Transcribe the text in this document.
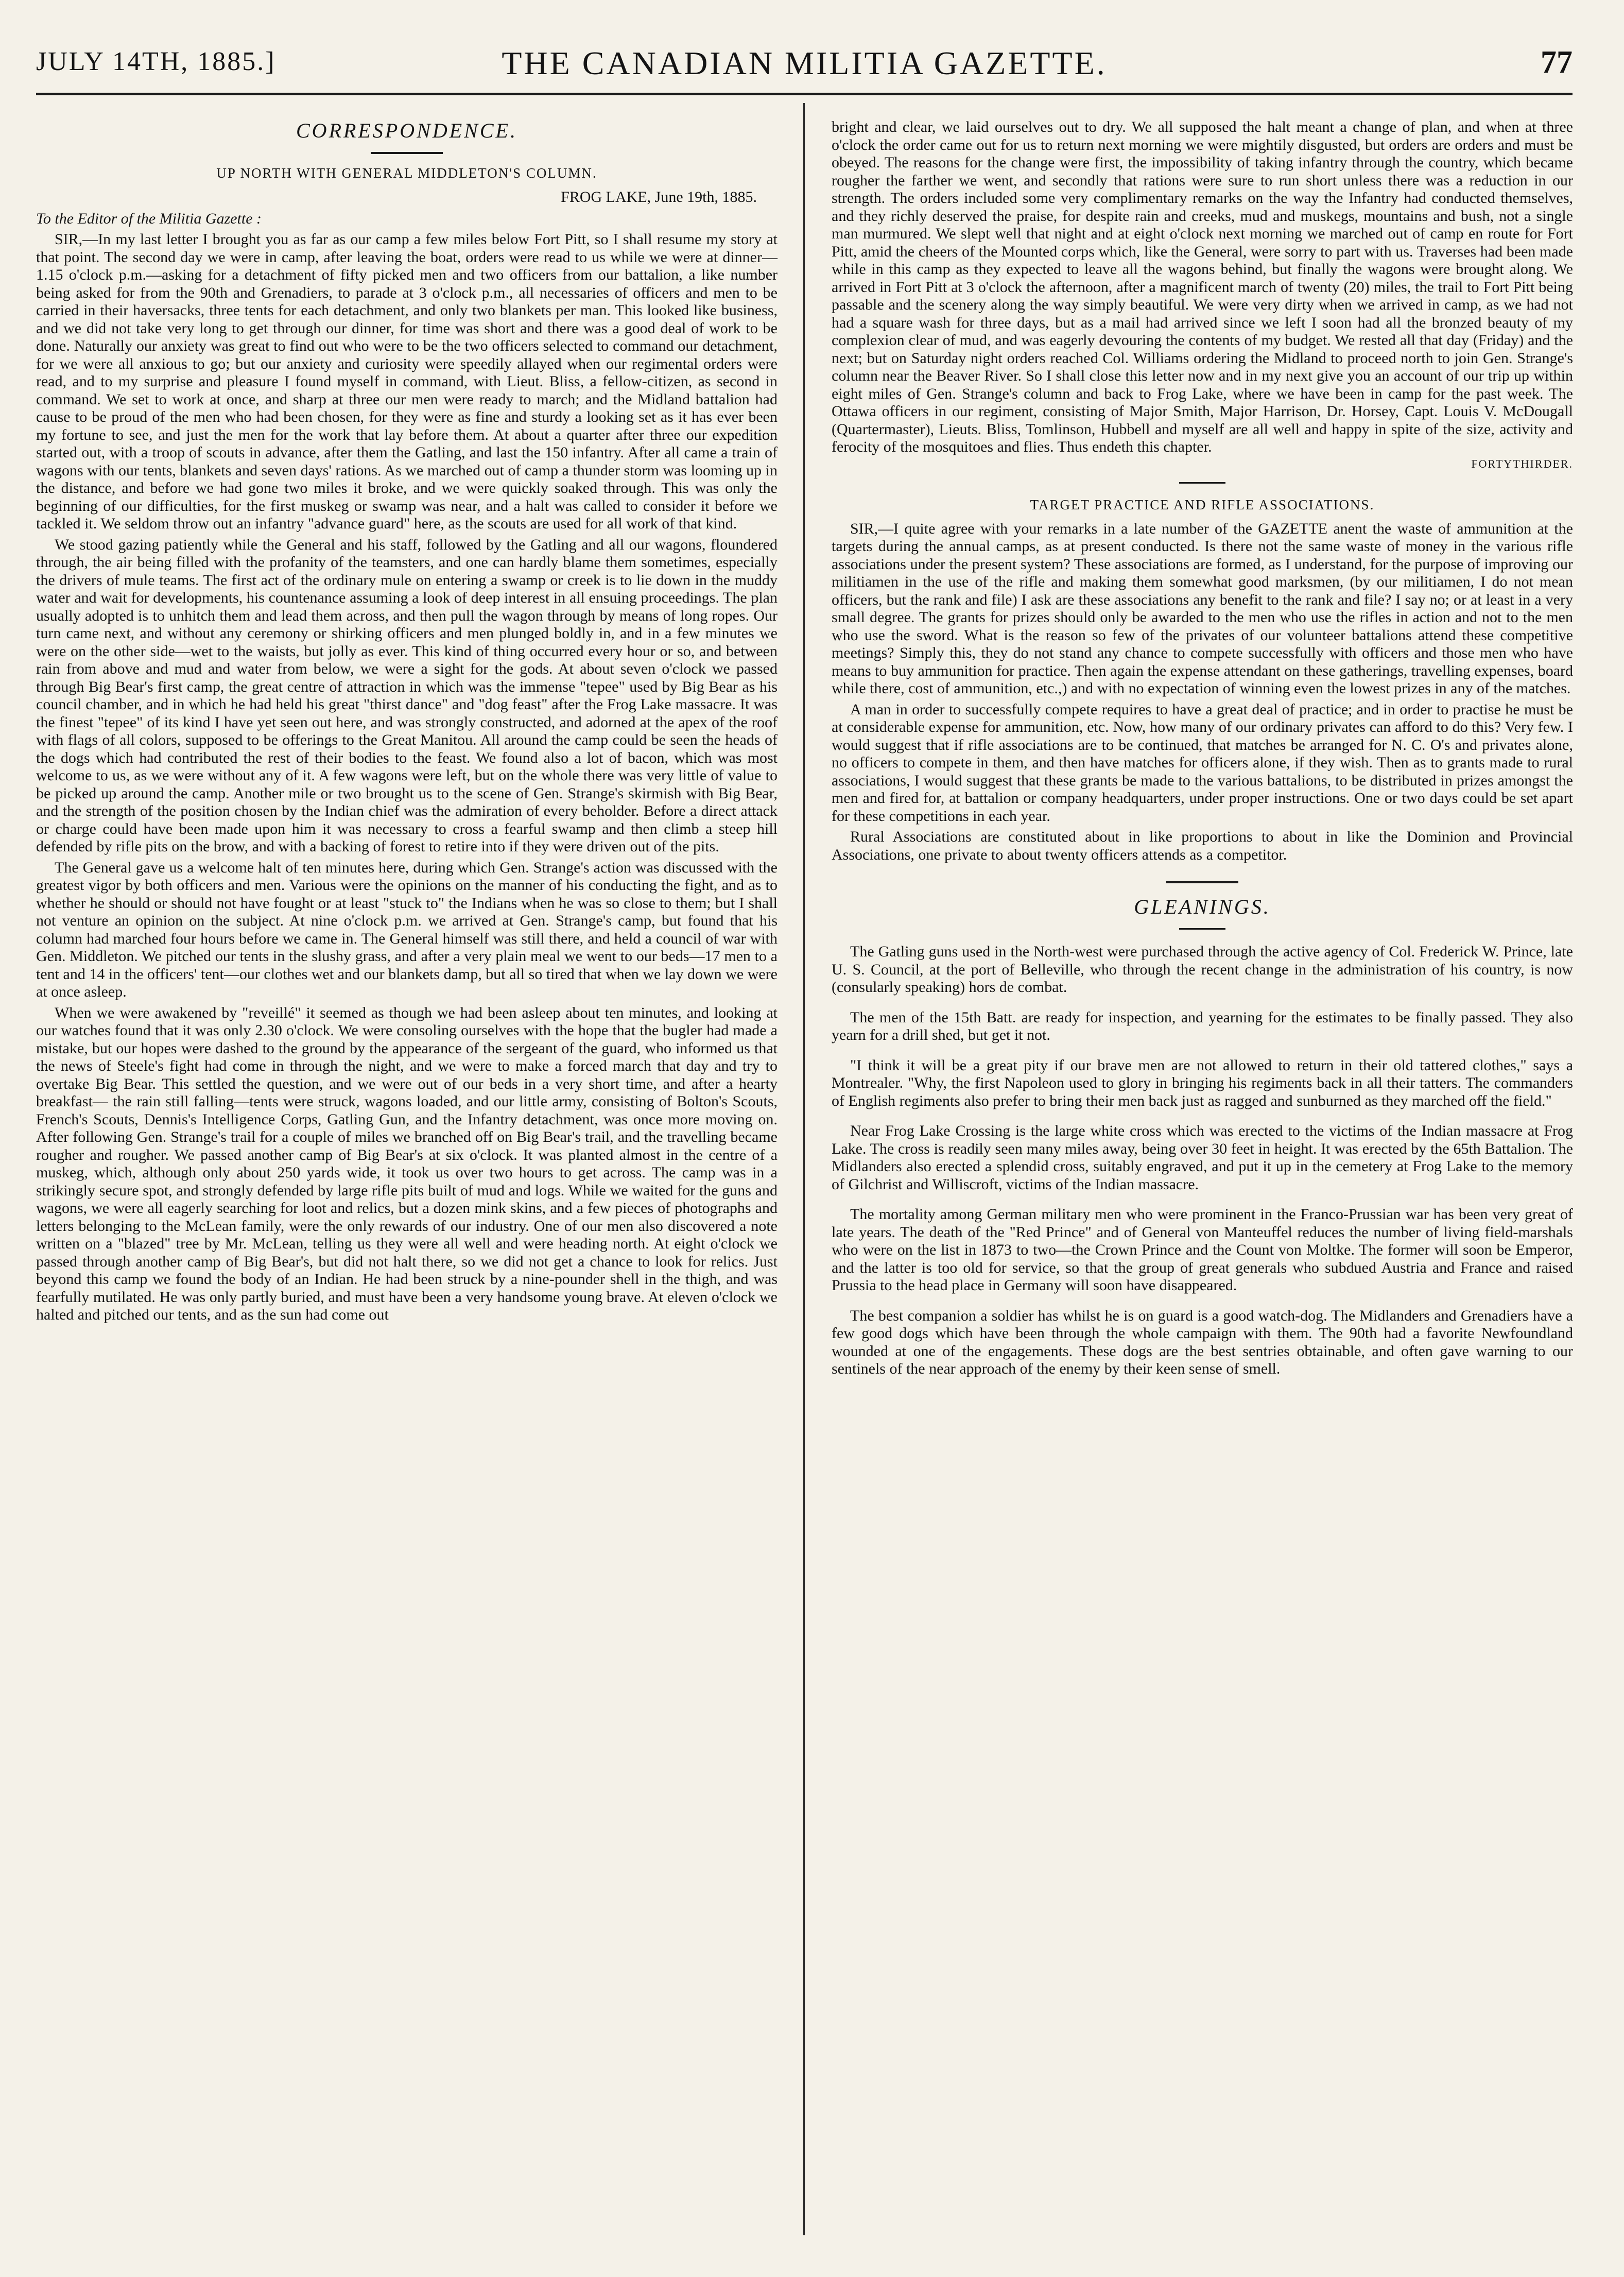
JULY 14TH, 1885.]	THE CANADIAN MILITIA GAZETTE.	77
CORRESPONDENCE.
UP NORTH WITH GENERAL MIDDLETON'S COLUMN.
FROG LAKE, June 19th, 1885.
To the Editor of the Militia Gazette :

SIR,—In my last letter I brought you as far as our camp a few miles below Fort Pitt, so I shall resume my story at that point. The second day we were in camp, after leaving the boat, orders were read to us while we were at dinner—1.15 o'clock p.m.—asking for a detachment of fifty picked men and two officers from our battalion, a like number being asked for from the 90th and Grenadiers, to parade at 3 o'clock p.m., all necessaries of officers and men to be carried in their haversacks, three tents for each detachment, and only two blankets per man. This looked like business, and we did not take very long to get through our dinner, for time was short and there was a good deal of work to be done. Naturally our anxiety was great to find out who were to be the two officers selected to command our detachment, for we were all anxious to go; but our anxiety and curiosity were speedily allayed when our regimental orders were read, and to my surprise and pleasure I found myself in command, with Lieut. Bliss, a fellow-citizen, as second in command. We set to work at once, and sharp at three our men were ready to march; and the Midland battalion had cause to be proud of the men who had been chosen, for they were as fine and sturdy a looking set as it has ever been my fortune to see, and just the men for the work that lay before them. At about a quarter after three our expedition started out, with a troop of scouts in advance, after them the Gatling, and last the 150 infantry. After all came a train of wagons with our tents, blankets and seven days' rations. As we marched out of camp a thunder storm was looming up in the distance, and before we had gone two miles it broke, and we were quickly soaked through. This was only the beginning of our difficulties, for the first muskeg or swamp was near, and a halt was called to consider it before we tackled it. We seldom throw out an infantry "advance guard" here, as the scouts are used for all work of that kind.

We stood gazing patiently while the General and his staff, followed by the Gatling and all our wagons, floundered through, the air being filled with the profanity of the teamsters, and one can hardly blame them sometimes, especially the drivers of mule teams. The first act of the ordinary mule on entering a swamp or creek is to lie down in the muddy water and wait for developments, his countenance assuming a look of deep interest in all ensuing proceedings. The plan usually adopted is to unhitch them and lead them across, and then pull the wagon through by means of long ropes. Our turn came next, and without any ceremony or shirking officers and men plunged boldly in, and in a few minutes we were on the other side—wet to the waists, but jolly as ever. This kind of thing occurred every hour or so, and between rain from above and mud and water from below, we were a sight for the gods. At about seven o'clock we passed through Big Bear's first camp, the great centre of attraction in which was the immense "tepee" used by Big Bear as his council chamber, and in which he had held his great "thirst dance" and "dog feast" after the Frog Lake massacre. It was the finest "tepee" of its kind I have yet seen out here, and was strongly constructed, and adorned at the apex of the roof with flags of all colors, supposed to be offerings to the Great Manitou. All around the camp could be seen the heads of the dogs which had contributed the rest of their bodies to the feast. We found also a lot of bacon, which was most welcome to us, as we were without any of it. A few wagons were left, but on the whole there was very little of value to be picked up around the camp. Another mile or two brought us to the scene of Gen. Strange's skirmish with Big Bear, and the strength of the position chosen by the Indian chief was the admiration of every beholder. Before a direct attack or charge could have been made upon him it was necessary to cross a fearful swamp and then climb a steep hill defended by rifle pits on the brow, and with a backing of forest to retire into if they were driven out of the pits.

The General gave us a welcome halt of ten minutes here, during which Gen. Strange's action was discussed with the greatest vigor by both officers and men. Various were the opinions on the manner of his conducting the fight, and as to whether he should or should not have fought or at least "stuck to" the Indians when he was so close to them; but I shall not venture an opinion on the subject. At nine o'clock p.m. we arrived at Gen. Strange's camp, but found that his column had marched four hours before we came in. The General himself was still there, and held a council of war with Gen. Middleton. We pitched our tents in the slushy grass, and after a very plain meal we went to our beds—17 men to a tent and 14 in the officers' tent—our clothes wet and our blankets damp, but all so tired that when we lay down we were at once asleep.

When we were awakened by "reveillé" it seemed as though we had been asleep about ten minutes, and looking at our watches found that it was only 2.30 o'clock. We were consoling ourselves with the hope that the bugler had made a mistake, but our hopes were dashed to the ground by the appearance of the sergeant of the guard, who informed us that the news of Steele's fight had come in through the night, and we were to make a forced march that day and try to overtake Big Bear. This settled the question, and we were out of our beds in a very short time, and after a hearty breakfast— the rain still falling—tents were struck, wagons loaded, and our little army, consisting of Bolton's Scouts, French's Scouts, Dennis's Intelligence Corps, Gatling Gun, and the Infantry detachment, was once more moving on. After following Gen. Strange's trail for a couple of miles we branched off on Big Bear's trail, and the travelling became rougher and rougher. We passed another camp of Big Bear's at six o'clock. It was planted almost in the centre of a muskeg, which, although only about 250 yards wide, it took us over two hours to get across. The camp was in a strikingly secure spot, and strongly defended by large rifle pits built of mud and logs. While we waited for the guns and wagons, we were all eagerly searching for loot and relics, but a dozen mink skins, and a few pieces of photographs and letters belonging to the McLean family, were the only rewards of our industry. One of our men also discovered a note written on a "blazed" tree by Mr. McLean, telling us they were all well and were heading north. At eight o'clock we passed through another camp of Big Bear's, but did not halt there, so we did not get a chance to look for relics. Just beyond this camp we found the body of an Indian. He had been struck by a nine-pounder shell in the thigh, and was fearfully mutilated. He was only partly buried, and must have been a very handsome young brave. At eleven o'clock we halted and pitched our tents, and as the sun had come out

bright and clear, we laid ourselves out to dry. We all supposed the halt meant a change of plan, and when at three o'clock the order came out for us to return next morning we were mightily disgusted, but orders are orders and must be obeyed. The reasons for the change were first, the impossibility of taking infantry through the country, which became rougher the farther we went, and secondly that rations were sure to run short unless there was a reduction in our strength. The orders included some very complimentary remarks on the way the Infantry had conducted themselves, and they richly deserved the praise, for despite rain and creeks, mud and muskegs, mountains and bush, not a single man murmured. We slept well that night and at eight o'clock next morning we marched out of camp en route for Fort Pitt, amid the cheers of the Mounted corps which, like the General, were sorry to part with us. Traverses had been made while in this camp as they expected to leave all the wagons behind, but finally the wagons were brought along. We arrived in Fort Pitt at 3 o'clock the afternoon, after a magnificent march of twenty (20) miles, the trail to Fort Pitt being passable and the scenery along the way simply beautiful. We were very dirty when we arrived in camp, as we had not had a square wash for three days, but as a mail had arrived since we left I soon had all the bronzed beauty of my complexion clear of mud, and was eagerly devouring the contents of my budget. We rested all that day (Friday) and the next; but on Saturday night orders reached Col. Williams ordering the Midland to proceed north to join Gen. Strange's column near the Beaver River. So I shall close this letter now and in my next give you an account of our trip up within eight miles of Gen. Strange's column and back to Frog Lake, where we have been in camp for the past week. The Ottawa officers in our regiment, consisting of Major Smith, Major Harrison, Dr. Horsey, Capt. Louis V. McDougall (Quartermaster), Lieuts. Bliss, Tomlinson, Hubbell and myself are all well and happy in spite of the size, activity and ferocity of the mosquitoes and flies. Thus endeth this chapter.

FORTYTHIRDER.
TARGET PRACTICE AND RIFLE ASSOCIATIONS.

SIR,—I quite agree with your remarks in a late number of the GAZETTE anent the waste of ammunition at the targets during the annual camps, as at present conducted. Is there not the same waste of money in the various rifle associations under the present system? These associations are formed, as I understand, for the purpose of improving our militiamen in the use of the rifle and making them somewhat good marksmen, (by our militiamen, I do not mean officers, but the rank and file) I ask are these associations any benefit to the rank and file? I say no; or at least in a very small degree. The grants for prizes should only be awarded to the men who use the rifles in action and not to the men who use the sword. What is the reason so few of the privates of our volunteer battalions attend these competitive meetings? Simply this, they do not stand any chance to compete successfully with officers and those men who have means to buy ammunition for practice. Then again the expense attendant on these gatherings, travelling expenses, board while there, cost of ammunition, etc.,) and with no expectation of winning even the lowest prizes in any of the matches.

A man in order to successfully compete requires to have a great deal of practice; and in order to practise he must be at considerable expense for ammunition, etc. Now, how many of our ordinary privates can afford to do this? Very few. I would suggest that if rifle associations are to be continued, that matches be arranged for N. C. O's and privates alone, no officers to compete in them, and then have matches for officers alone, if they wish. Then as to grants made to rural associations, I would suggest that these grants be made to the various battalions, to be distributed in prizes amongst the men and fired for, at battalion or company headquarters, under proper instructions. One or two days could be set apart for these competitions in each year.

Rural Associations are constituted about in like proportions to about in like the Dominion and Provincial Associations, one private to about twenty officers attends as a competitor.

GLEANINGS.

The Gatling guns used in the North-west were purchased through the active agency of Col. Frederick W. Prince, late U. S. Council, at the port of Belleville, who through the recent change in the administration of his country, is now (consularly speaking) hors de combat.

The men of the 15th Batt. are ready for inspection, and yearning for the estimates to be finally passed. They also yearn for a drill shed, but get it not.

"I think it will be a great pity if our brave men are not allowed to return in their old tattered clothes," says a Montrealer. "Why, the first Napoleon used to glory in bringing his regiments back in all their tatters. The commanders of English regiments also prefer to bring their men back just as ragged and sunburned as they marched off the field."

Near Frog Lake Crossing is the large white cross which was erected to the victims of the Indian massacre at Frog Lake. The cross is readily seen many miles away, being over 30 feet in height. It was erected by the 65th Battalion. The Midlanders also erected a splendid cross, suitably engraved, and put it up in the cemetery at Frog Lake to the memory of Gilchrist and Williscroft, victims of the Indian massacre.

The mortality among German military men who were prominent in the Franco-Prussian war has been very great of late years. The death of the "Red Prince" and of General von Manteuffel reduces the number of living field-marshals who were on the list in 1873 to two—the Crown Prince and the Count von Moltke. The former will soon be Emperor, and the latter is too old for service, so that the group of great generals who subdued Austria and France and raised Prussia to the head place in Germany will soon have disappeared.

The best companion a soldier has whilst he is on guard is a good watch-dog. The Midlanders and Grenadiers have a few good dogs which have been through the whole campaign with them. The 90th had a favorite Newfoundland wounded at one of the engagements. These dogs are the best sentries obtainable, and often gave warning to our sentinels of the near approach of the enemy by their keen sense of smell.
